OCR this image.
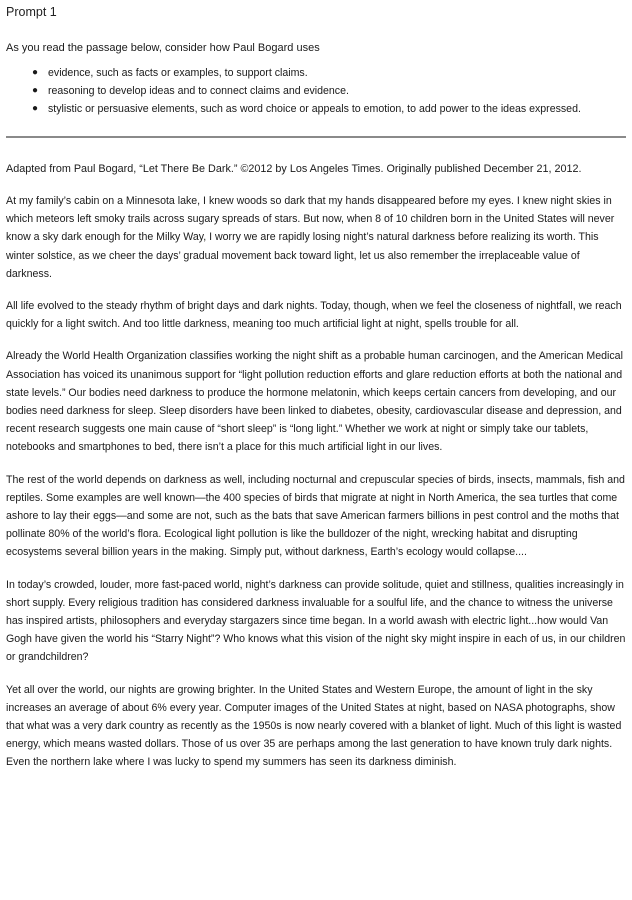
Prompt 1

As you read the passage below, consider how Paul Bogard uses

● evidence, such as facts or examples, to support claims.
● reasoning to develop ideas and to connect claims and evidence.
● stylistic or persuasive elements, such as word choice or appeals to emotion, to add power to the ideas expressed.

Adapted from Paul Bogard, “Let There Be Dark.” ©2012 by Los Angeles Times. Originally published December 21, 2012.

At my family’s cabin on a Minnesota lake, I knew woods so dark that my hands disappeared before my eyes. I knew night skies in which meteors left smoky trails across sugary spreads of stars. But now, when 8 of 10 children born in the United States will never know a sky dark enough for the Milky Way, I worry we are rapidly losing night’s natural darkness before realizing its worth. This winter solstice, as we cheer the days’ gradual movement back toward light, let us also remember the irreplaceable value of darkness.

All life evolved to the steady rhythm of bright days and dark nights. Today, though, when we feel the closeness of nightfall, we reach quickly for a light switch. And too little darkness, meaning too much artificial light at night, spells trouble for all.

Already the World Health Organization classifies working the night shift as a probable human carcinogen, and the American Medical Association has voiced its unanimous support for “light pollution reduction efforts and glare reduction efforts at both the national and state levels.” Our bodies need darkness to produce the hormone melatonin, which keeps certain cancers from developing, and our bodies need darkness for sleep. Sleep disorders have been linked to diabetes, obesity, cardiovascular disease and depression, and recent research suggests one main cause of “short sleep” is “long light.” Whether we work at night or simply take our tablets, notebooks and smartphones to bed, there isn’t a place for this much artificial light in our lives.

The rest of the world depends on darkness as well, including nocturnal and crepuscular species of birds, insects, mammals, fish and reptiles. Some examples are well known—the 400 species of birds that migrate at night in North America, the sea turtles that come ashore to lay their eggs—and some are not, such as the bats that save American farmers billions in pest control and the moths that pollinate 80% of the world’s flora. Ecological light pollution is like the bulldozer of the night, wrecking habitat and disrupting ecosystems several billion years in the making. Simply put, without darkness, Earth’s ecology would collapse....

In today’s crowded, louder, more fast-paced world, night’s darkness can provide solitude, quiet and stillness, qualities increasingly in short supply. Every religious tradition has considered darkness invaluable for a soulful life, and the chance to witness the universe has inspired artists, philosophers and everyday stargazers since time began. In a world awash with electric light...how would Van Gogh have given the world his “Starry Night”? Who knows what this vision of the night sky might inspire in each of us, in our children or grandchildren?

Yet all over the world, our nights are growing brighter. In the United States and Western Europe, the amount of light in the sky increases an average of about 6% every year. Computer images of the United States at night, based on NASA photographs, show that what was a very dark country as recently as the 1950s is now nearly covered with a blanket of light. Much of this light is wasted energy, which means wasted dollars. Those of us over 35 are perhaps among the last generation to have known truly dark nights. Even the northern lake where I was lucky to spend my summers has seen its darkness diminish.
